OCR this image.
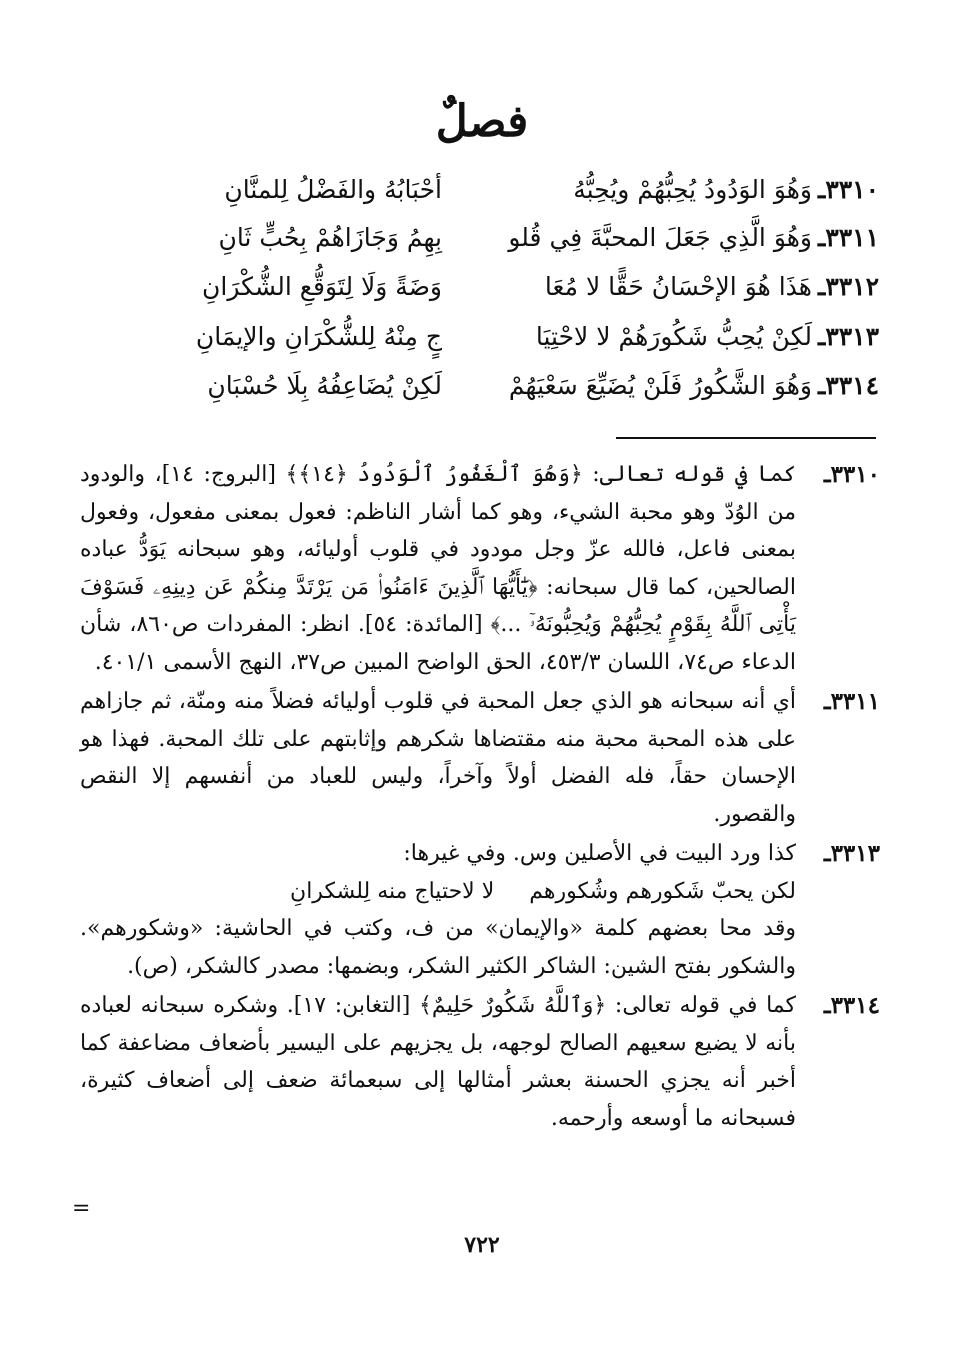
فصلٌ
٣٣١٠ـ
وَهُوَ الوَدُودُ يُحِبُّهُمْ ويُحِبُّهُ
أحْبَابُهُ والفَضْلُ لِلمنَّانِ
٣٣١١ـ
وَهُوَ الَّذِي جَعَلَ المحبَّةَ فِي قُلو
بِهِمُ وَجَازَاهُمْ بِحُبٍّ ثَانِ
٣٣١٢ـ
هَذَا هُوَ الإحْسَانُ حَقًّا لا مُعَا
وَضَةً وَلَا لِتَوَقُّعِ الشُّكْرَانِ
٣٣١٣ـ
لَكِنْ يُحِبُّ شَكُورَهُمْ لا لاحْتِيَا
جٍ مِنْهُ لِلشُّكْرَانِ والإيمَانِ
٣٣١٤ـ
وَهُوَ الشَّكُورُ فَلَنْ يُضَيِّعَ سَعْيَهُمْ
لَكِنْ يُضَاعِفُهُ بِلَا حُسْبَانِ
٣٣١٠ـ

كما في قوله تعالى: ﴿وَهُوَ ٱلْغَفُورُ ٱلْوَدُودُ ﴿١٤﴾﴾ [البروج: ١٤]، والودود من الوُدّ وهو محبة الشيء، وهو كما أشار الناظم: فعول بمعنى مفعول، وفعول بمعنى فاعل، فالله عزّ وجل مودود في قلوب أوليائه، وهو سبحانه يَوَدُّ عباده الصالحين، كما قال سبحانه: ﴿يَٰٓأَيُّهَا ٱلَّذِينَ ءَامَنُوا۟ مَن يَرْتَدَّ مِنكُمْ عَن دِينِهِۦ فَسَوْفَ يَأْتِى ٱللَّهُ بِقَوْمٍ يُحِبُّهُمْ وَيُحِبُّونَهُۥٓ ...﴾ [المائدة: ٥٤]. انظر: المفردات ص٨٦٠، شأن الدعاء ص٧٤، اللسان ٤٥٣/٣، الحق الواضح المبين ص٣٧، النهج الأسمى ٤٠١/١.

٣٣١١ـ

أي أنه سبحانه هو الذي جعل المحبة في قلوب أوليائه فضلاً منه ومنّة، ثم جازاهم على هذه المحبة محبة منه مقتضاها شكرهم وإثابتهم على تلك المحبة. فهذا هو الإحسان حقاً، فله الفضل أولاً وآخراً، وليس للعباد من أنفسهم إلا النقص والقصور.

٣٣١٣ـ

كذا ورد البيت في الأصلين وس. وفي غيرها:

لكن يحبّ شَكورهم وشُكورهم     لا لاحتياج منه لِلشكرانِ

وقد محا بعضهم كلمة «والإيمان» من ف، وكتب في الحاشية: «وشكورهم». والشكور بفتح الشين: الشاكر الكثير الشكر، وبضمها: مصدر كالشكر، (ص).

٣٣١٤ـ

كما في قوله تعالى: ﴿وَٱللَّهُ شَكُورٌ حَلِيمٌ﴾ [التغابن: ١٧]. وشكره سبحانه لعباده بأنه لا يضيع سعيهم الصالح لوجهه، بل يجزيهم على اليسير بأضعاف مضاعفة كما أخبر أنه يجزي الحسنة بعشر أمثالها إلى سبعمائة ضعف إلى أضعاف كثيرة، فسبحانه ما أوسعه وأرحمه.

=
٧٢٢
